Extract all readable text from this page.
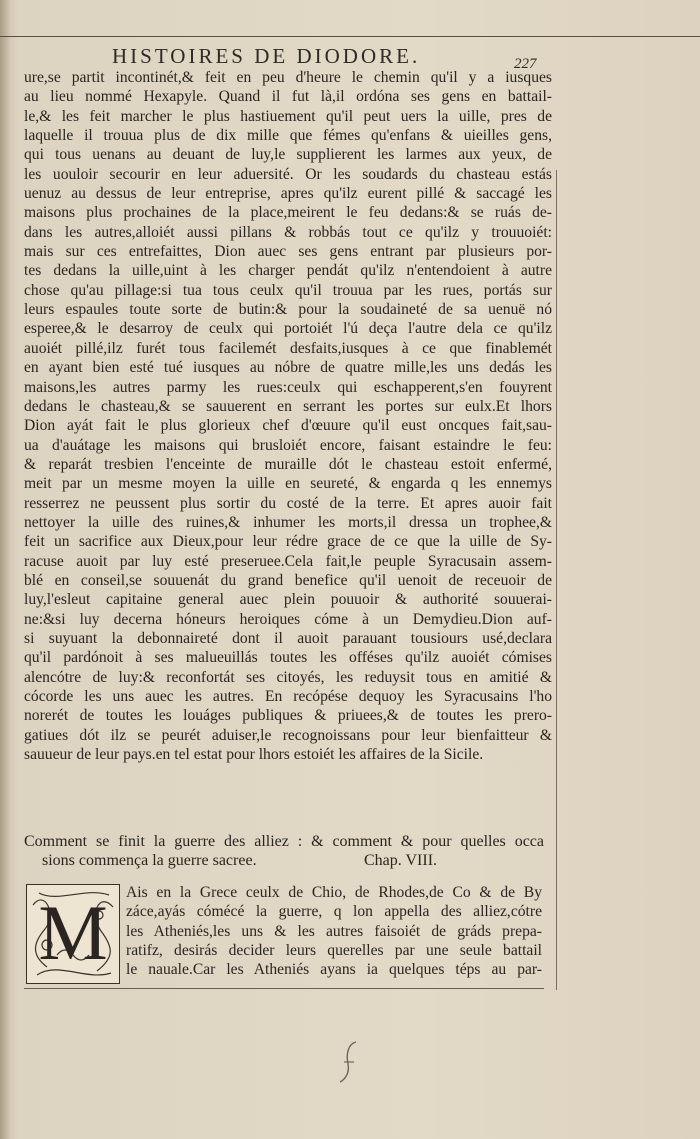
HISTOIRES DE DIODORE.	227

ure,se partit incontinét,& feit en peu d'heure le chemin qu'il y a iusques
au lieu nommé Hexapyle. Quand il fut là,il ordóna ses gens en battail-
le,& les feit marcher le plus hastiuement qu'il peut uers la uille, pres de
laquelle il trouua plus de dix mille que fémes qu'enfans & uieilles gens,
qui tous uenans au deuant de luy,le supplierent les larmes aux yeux, de
les uouloir secourir en leur aduersité. Or les soudards du chasteau estás
uenuz au dessus de leur entreprise, apres qu'ilz eurent pillé & saccagé les
maisons plus prochaines de la place,meirent le feu dedans:& se ruás de-
dans les autres,alloiét aussi pillans & robbás tout ce qu'ilz y trouuoiét:
mais sur ces entrefaittes, Dion auec ses gens entrant par plusieurs por-
tes dedans la uille,uint à les charger pendát qu'ilz n'entendoient à autre
chose qu'au pillage:si tua tous ceulx qu'il trouua par les rues, portás sur
leurs espaules toute sorte de butin:& pour la soudaineté de sa uenuë nó
esperee,& le desarroy de ceulx qui portoiét l'ú deça l'autre dela ce qu'ilz
auoiét pillé,ilz furét tous facilemét desfaits,iusques à ce que finablemét
en ayant bien esté tué iusques au nóbre de quatre mille,les uns dedás les
maisons,les autres parmy les rues:ceulx qui eschapperent,s'en fouyrent
dedans le chasteau,& se sauuerent en serrant les portes sur eulx.Et lhors
Dion ayát fait le plus glorieux chef d'œuure qu'il eust oncques fait,sau-
ua d'auátage les maisons qui brusloiét encore, faisant estaindre le feu:
& reparát tresbien l'enceinte de muraille dót le chasteau estoit enfermé,
meit par un mesme moyen la uille en seureté, & engarda q les ennemys
resserrez ne peussent plus sortir du costé de la terre. Et apres auoir fait
nettoyer la uille des ruines,& inhumer les morts,il dressa un trophee,&
feit un sacrifice aux Dieux,pour leur rédre grace de ce que la uille de Sy-
racuse auoit par luy esté preseruee.Cela fait,le peuple Syracusain assem-
blé en conseil,se souuenát du grand benefice qu'il uenoit de receuoir de
luy,l'esleut capitaine general auec plein pouuoir & authorité souuerai-
ne:&si luy decerna hóneurs heroiques cóme à un Demydieu.Dion auf-
si suyuant la debonnaireté dont il auoit parauant tousiours usé,declara
qu'il pardónoit à ses malueuillás toutes les offéses qu'ilz auoiét cómises
alencótre de luy:& reconfortát ses citoyés, les reduysit tous en amitié &
cócorde les uns auec les autres. En recópése dequoy les Syracusains l'ho
norerét de toutes les louáges publiques & priuees,& de toutes les prero-
gatiues dót ilz se peurét aduiser,le recognoissans pour leur bienfaitteur &
sauueur de leur pays.en tel estat pour lhors estoiét les affaires de la Sicile.

Comment se finit la guerre des alliez : & comment & pour quelles occa
sions commença la guerre sacree.	Chap. VIII.
M Ais en la Grece ceulx de Chio, de Rhodes,de Co & de By
záce,ayás cómécé la guerre, q lon appella des alliez,cótre
les Atheniés,les uns & les autres faisoiét de gráds prepa-
ratifz, desirás decider leurs querelles par une seule battail
le nauale.Car les Atheniés ayans ia quelques téps au par-
